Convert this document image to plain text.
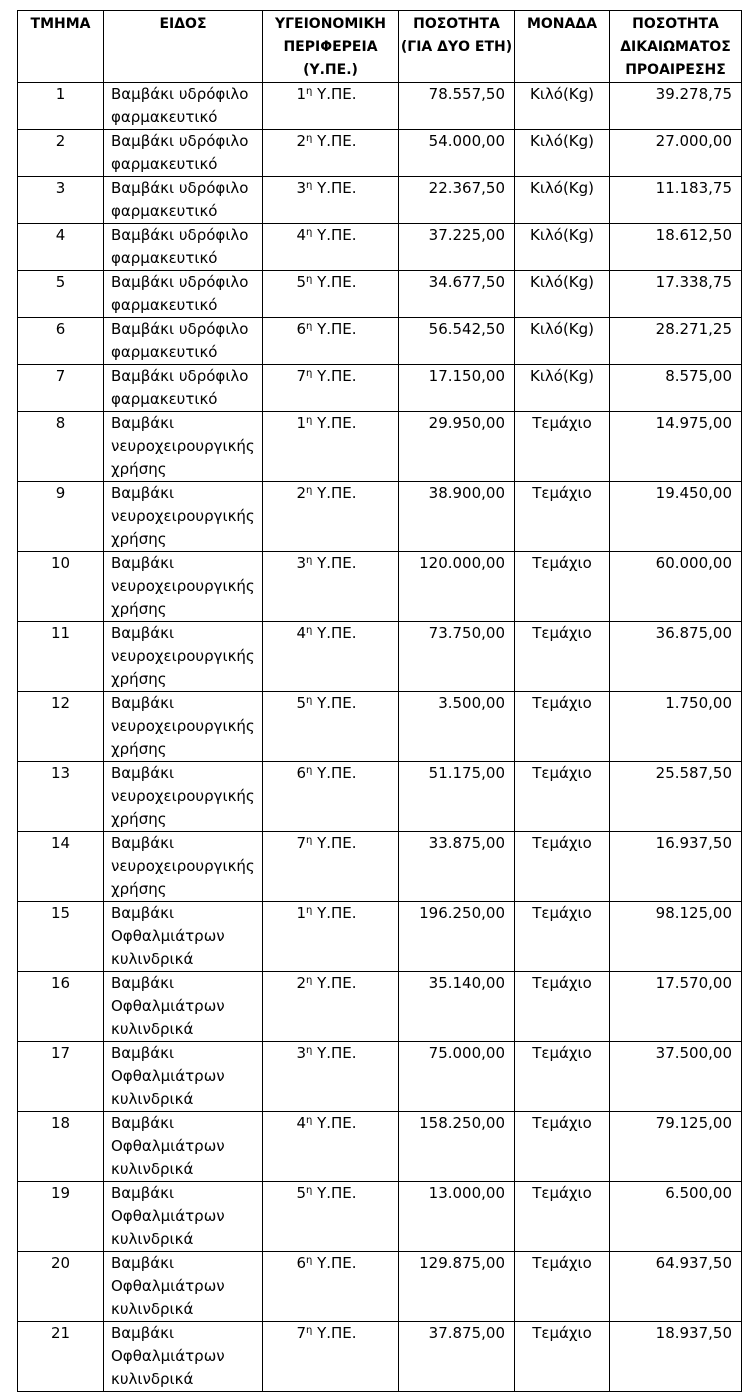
ΤΜΗΜΑ	ΕΙΔΟΣ	ΥΓΕΙΟΝΟΜΙΚΗ ΠΕΡΙΦΕΡΕΙΑ (Υ.ΠΕ.)	ΠΟΣΟΤΗΤΑ (ΓΙΑ ΔΥΟ ΕΤΗ)	ΜΟΝΑΔΑ	ΠΟΣΟΤΗΤΑ ΔΙΚΑΙΩΜΑΤΟΣ ΠΡΟΑΙΡΕΣΗΣ
1	Βαμβάκι υδρόφιλο φαρμακευτικό	$1^\eta$ Υ.ΠΕ.	78.557,50	Κιλό(Kg)	39.278,75
2	Βαμβάκι υδρόφιλο φαρμακευτικό	$2^\eta$ Υ.ΠΕ.	54.000,00	Κιλό(Kg)	27.000,00
3	Βαμβάκι υδρόφιλο φαρμακευτικό	$3^\eta$ Υ.ΠΕ.	22.367,50	Κιλό(Kg)	11.183,75
4	Βαμβάκι υδρόφιλο φαρμακευτικό	$4^\eta$ Υ.ΠΕ.	37.225,00	Κιλό(Kg)	18.612,50
5	Βαμβάκι υδρόφιλο φαρμακευτικό	$5^\eta$ Υ.ΠΕ.	34.677,50	Κιλό(Kg)	17.338,75
6	Βαμβάκι υδρόφιλο φαρμακευτικό	$6^\eta$ Υ.ΠΕ.	56.542,50	Κιλό(Kg)	28.271,25
7	Βαμβάκι υδρόφιλο φαρμακευτικό	$7^\eta$ Υ.ΠΕ.	17.150,00	Κιλό(Kg)	8.575,00
8	Βαμβάκι νευροχειρουργικής χρήσης	$1^\eta$ Υ.ΠΕ.	29.950,00	Τεμάχιο	14.975,00
9	Βαμβάκι νευροχειρουργικής χρήσης	$2^\eta$ Υ.ΠΕ.	38.900,00	Τεμάχιο	19.450,00
10	Βαμβάκι νευροχειρουργικής χρήσης	$3^\eta$ Υ.ΠΕ.	120.000,00	Τεμάχιο	60.000,00
11	Βαμβάκι νευροχειρουργικής χρήσης	$4^\eta$ Υ.ΠΕ.	73.750,00	Τεμάχιο	36.875,00
12	Βαμβάκι νευροχειρουργικής χρήσης	$5^\eta$ Υ.ΠΕ.	3.500,00	Τεμάχιο	1.750,00
13	Βαμβάκι νευροχειρουργικής χρήσης	$6^\eta$ Υ.ΠΕ.	51.175,00	Τεμάχιο	25.587,50
14	Βαμβάκι νευροχειρουργικής χρήσης	$7^\eta$ Υ.ΠΕ.	33.875,00	Τεμάχιο	16.937,50
15	Βαμβάκι Οφθαλμιάτρων κυλινδρικά	$1^\eta$ Υ.ΠΕ.	196.250,00	Τεμάχιο	98.125,00
16	Βαμβάκι Οφθαλμιάτρων κυλινδρικά	$2^\eta$ Υ.ΠΕ.	35.140,00	Τεμάχιο	17.570,00
17	Βαμβάκι Οφθαλμιάτρων κυλινδρικά	$3^\eta$ Υ.ΠΕ.	75.000,00	Τεμάχιο	37.500,00
18	Βαμβάκι Οφθαλμιάτρων κυλινδρικά	$4^\eta$ Υ.ΠΕ.	158.250,00	Τεμάχιο	79.125,00
19	Βαμβάκι Οφθαλμιάτρων κυλινδρικά	$5^\eta$ Υ.ΠΕ.	13.000,00	Τεμάχιο	6.500,00
20	Βαμβάκι Οφθαλμιάτρων κυλινδρικά	$6^\eta$ Υ.ΠΕ.	129.875,00	Τεμάχιο	64.937,50
21	Βαμβάκι Οφθαλμιάτρων κυλινδρικά	$7^\eta$ Υ.ΠΕ.	37.875,00	Τεμάχιο	18.937,50
